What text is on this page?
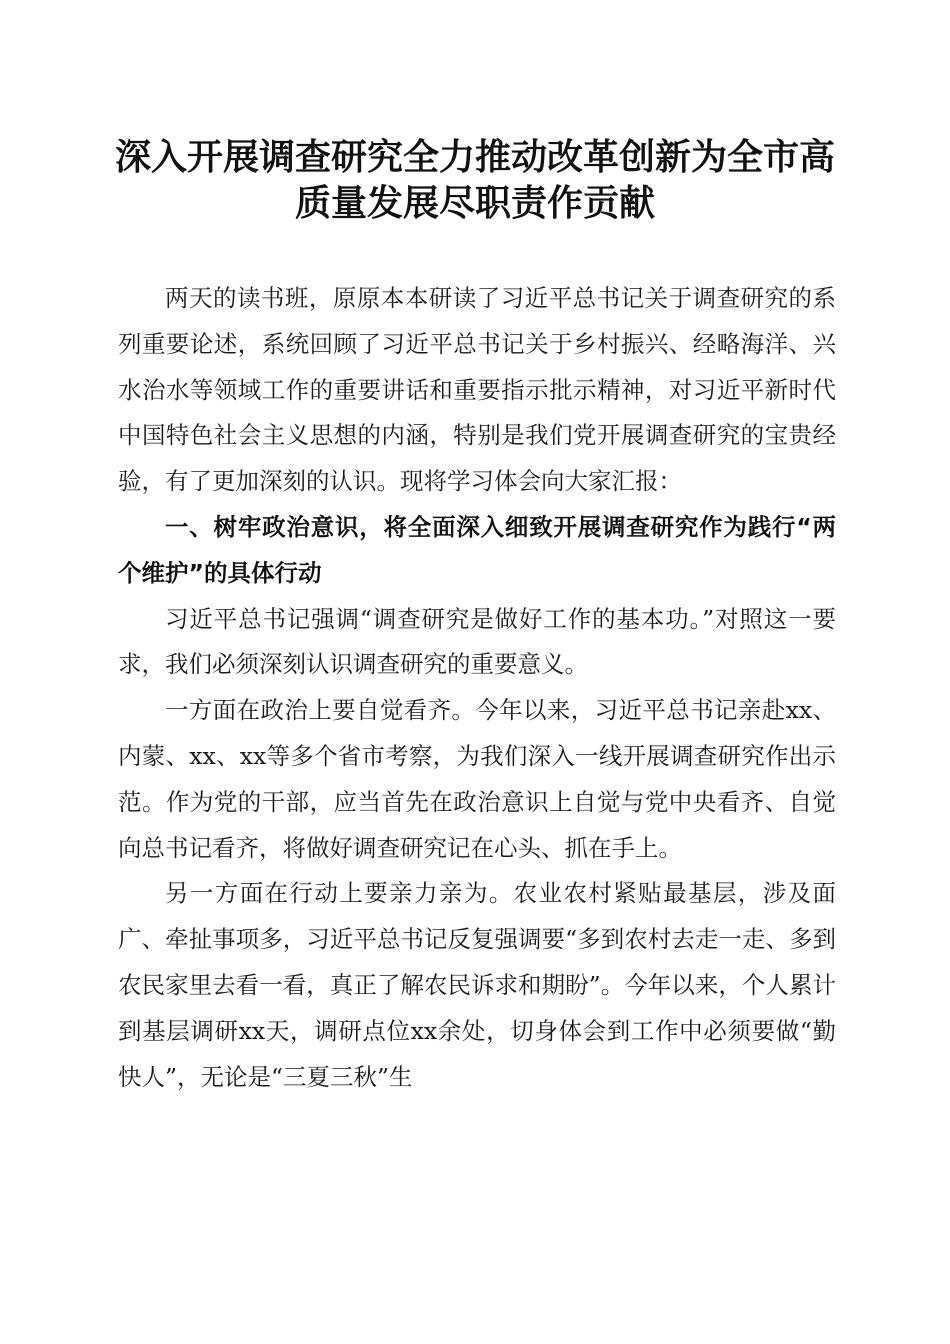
深入开展调查研究全力推动改革创新为全市高
质量发展尽职责作贡献

两天的读书班，原原本本研读了习近平总书记关于调查研究的系列重要论述，系统回顾了习近平总书记关于乡村振兴、经略海洋、兴水治水等领域工作的重要讲话和重要指示批示精神，对习近平新时代中国特色社会主义思想的内涵，特别是我们党开展调查研究的宝贵经验，有了更加深刻的认识。现将学习体会向大家汇报：

一、树牢政治意识，将全面深入细致开展调查研究作为践行“两个维护”的具体行动

习近平总书记强调“调查研究是做好工作的基本功。”对照这一要求，我们必须深刻认识调查研究的重要意义。

一方面在政治上要自觉看齐。今年以来，习近平总书记亲赴xx、内蒙、xx、xx等多个省市考察，为我们深入一线开展调查研究作出示范。作为党的干部，应当首先在政治意识上自觉与党中央看齐、自觉向总书记看齐，将做好调查研究记在心头、抓在手上。

另一方面在行动上要亲力亲为。农业农村紧贴最基层，涉及面广、牵扯事项多，习近平总书记反复强调要“多到农村去走一走、多到农民家里去看一看，真正了解农民诉求和期盼”。今年以来，个人累计到基层调研xx天，调研点位xx余处，切身体会到工作中必须要做“勤快人”，无论是“三夏三秋”生
